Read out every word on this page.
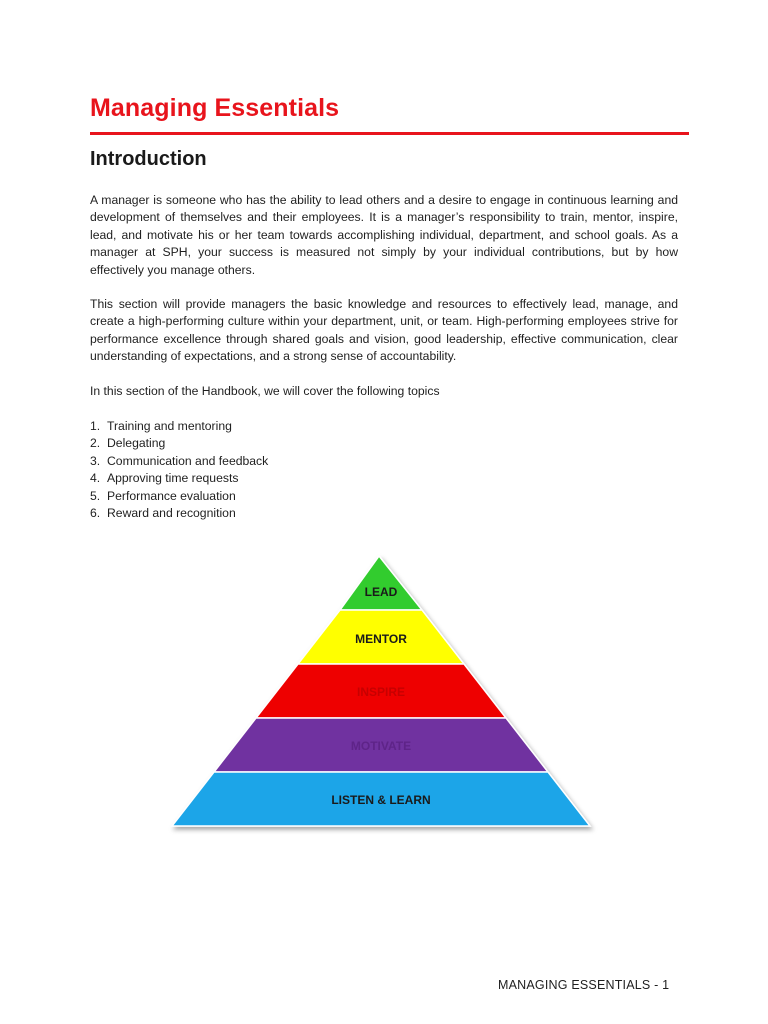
Managing Essentials
Introduction

A manager is someone who has the ability to lead others and a desire to engage in continuous learning and development of themselves and their employees. It is a manager’s responsibility to train, mentor, inspire, lead, and motivate his or her team towards accomplishing individual, department, and school goals. As a manager at SPH, your success is measured not simply by your individual contributions, but by how effectively you manage others.

This section will provide managers the basic knowledge and resources to effectively lead, manage, and create a high-performing culture within your department, unit, or team. High-performing employees strive for performance excellence through shared goals and vision, good leadership, effective communication, clear understanding of expectations, and a strong sense of accountability.

In this section of the Handbook, we will cover the following topics

1. Training and mentoring
2. Delegating
3. Communication and feedback
4. Approving time requests
5. Performance evaluation
6. Reward and recognition
LEAD
MENTOR
INSPIRE
MOTIVATE
LISTEN & LEARN
MANAGING ESSENTIALS - 1
